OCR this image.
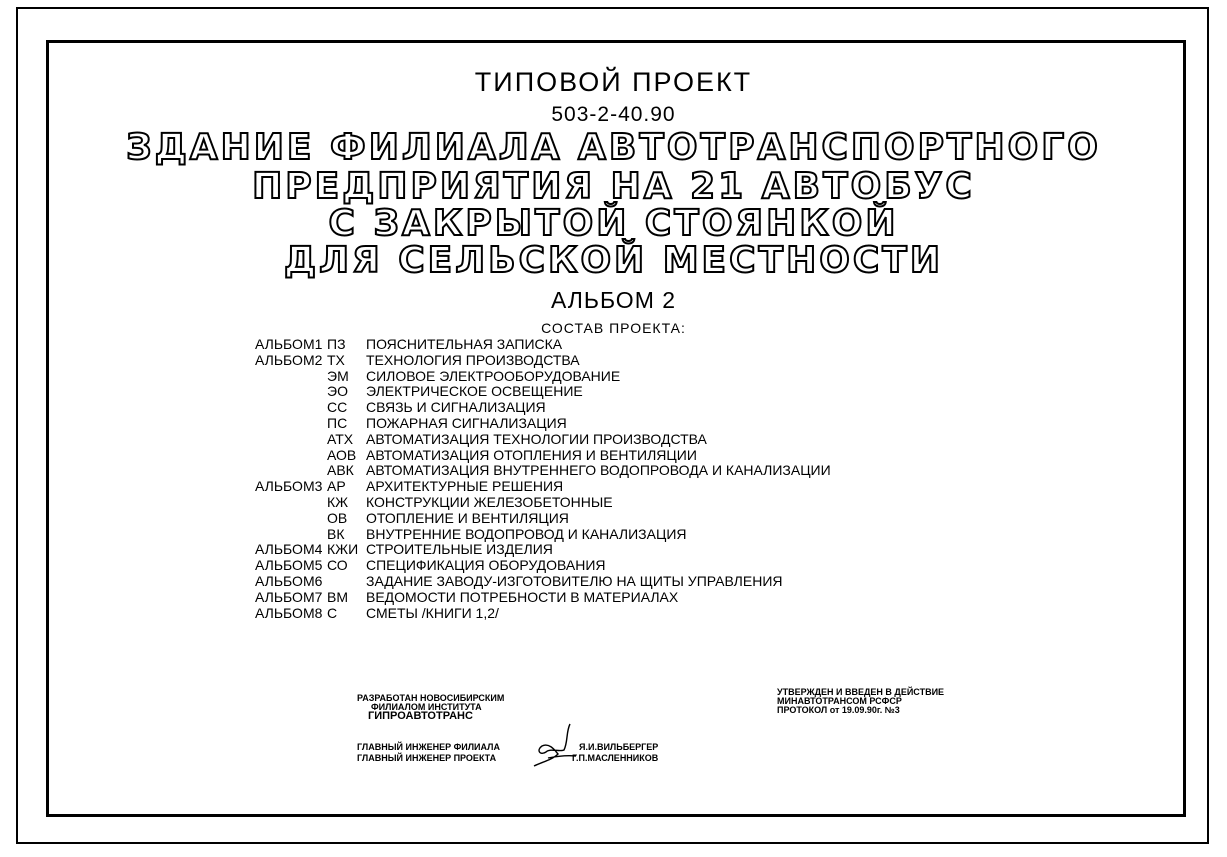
ТИПОВОЙ ПРОЕКТ
503-2-40.90
ЗДАНИЕ ФИЛИАЛА АВТОТРАНСПОРТНОГО
ПРЕДПРИЯТИЯ НА 21 АВТОБУС
С ЗАКРЫТОЙ СТОЯНКОЙ
ДЛЯ СЕЛЬСКОЙ МЕСТНОСТИ
АЛЬБОМ 2
СОСТАВ ПРОЕКТА:
АЛЬБОМ1 ПЗ ПОЯСНИТЕЛЬНАЯ ЗАПИСКА
АЛЬБОМ2 ТХ ТЕХНОЛОГИЯ ПРОИЗВОДСТВА
ЭМ СИЛОВОЕ ЭЛЕКТРООБОРУДОВАНИЕ
ЭО ЭЛЕКТРИЧЕСКОЕ ОСВЕЩЕНИЕ
СС СВЯЗЬ И СИГНАЛИЗАЦИЯ
ПС ПОЖАРНАЯ СИГНАЛИЗАЦИЯ
АТХ АВТОМАТИЗАЦИЯ ТЕХНОЛОГИИ ПРОИЗВОДСТВА
АОВ АВТОМАТИЗАЦИЯ ОТОПЛЕНИЯ И ВЕНТИЛЯЦИИ
АВК АВТОМАТИЗАЦИЯ ВНУТРЕННЕГО ВОДОПРОВОДА И КАНАЛИЗАЦИИ
АЛЬБОМ3 АР АРХИТЕКТУРНЫЕ РЕШЕНИЯ
КЖ КОНСТРУКЦИИ ЖЕЛЕЗОБЕТОННЫЕ
ОВ ОТОПЛЕНИЕ И ВЕНТИЛЯЦИЯ
ВК ВНУТРЕННИЕ ВОДОПРОВОД И КАНАЛИЗАЦИЯ
АЛЬБОМ4 КЖИ СТРОИТЕЛЬНЫЕ ИЗДЕЛИЯ
АЛЬБОМ5 СО СПЕЦИФИКАЦИЯ ОБОРУДОВАНИЯ
АЛЬБОМ6	ЗАДАНИЕ ЗАВОДУ-ИЗГОТОВИТЕЛЮ НА ЩИТЫ УПРАВЛЕНИЯ
АЛЬБОМ7 ВМ ВЕДОМОСТИ ПОТРЕБНОСТИ В МАТЕРИАЛАХ
АЛЬБОМ8 С СМЕТЫ /КНИГИ 1,2/
РАЗРАБОТАН НОВОСИБИРСКИМ
ФИЛИАЛОМ ИНСТИТУТА
ГИПРОАВТОТРАНС
ГЛАВНЫЙ ИНЖЕНЕР ФИЛИАЛА	Я.И.ВИЛЬБЕРГЕР
ГЛАВНЫЙ ИНЖЕНЕР ПРОЕКТА	Г.П.МАСЛЕННИКОВ
УТВЕРЖДЕН И ВВЕДЕН В ДЕЙСТВИЕ
МИНАВТОТРАНСОМ РСФСР
ПРОТОКОЛ от 19.09.90г. №3
